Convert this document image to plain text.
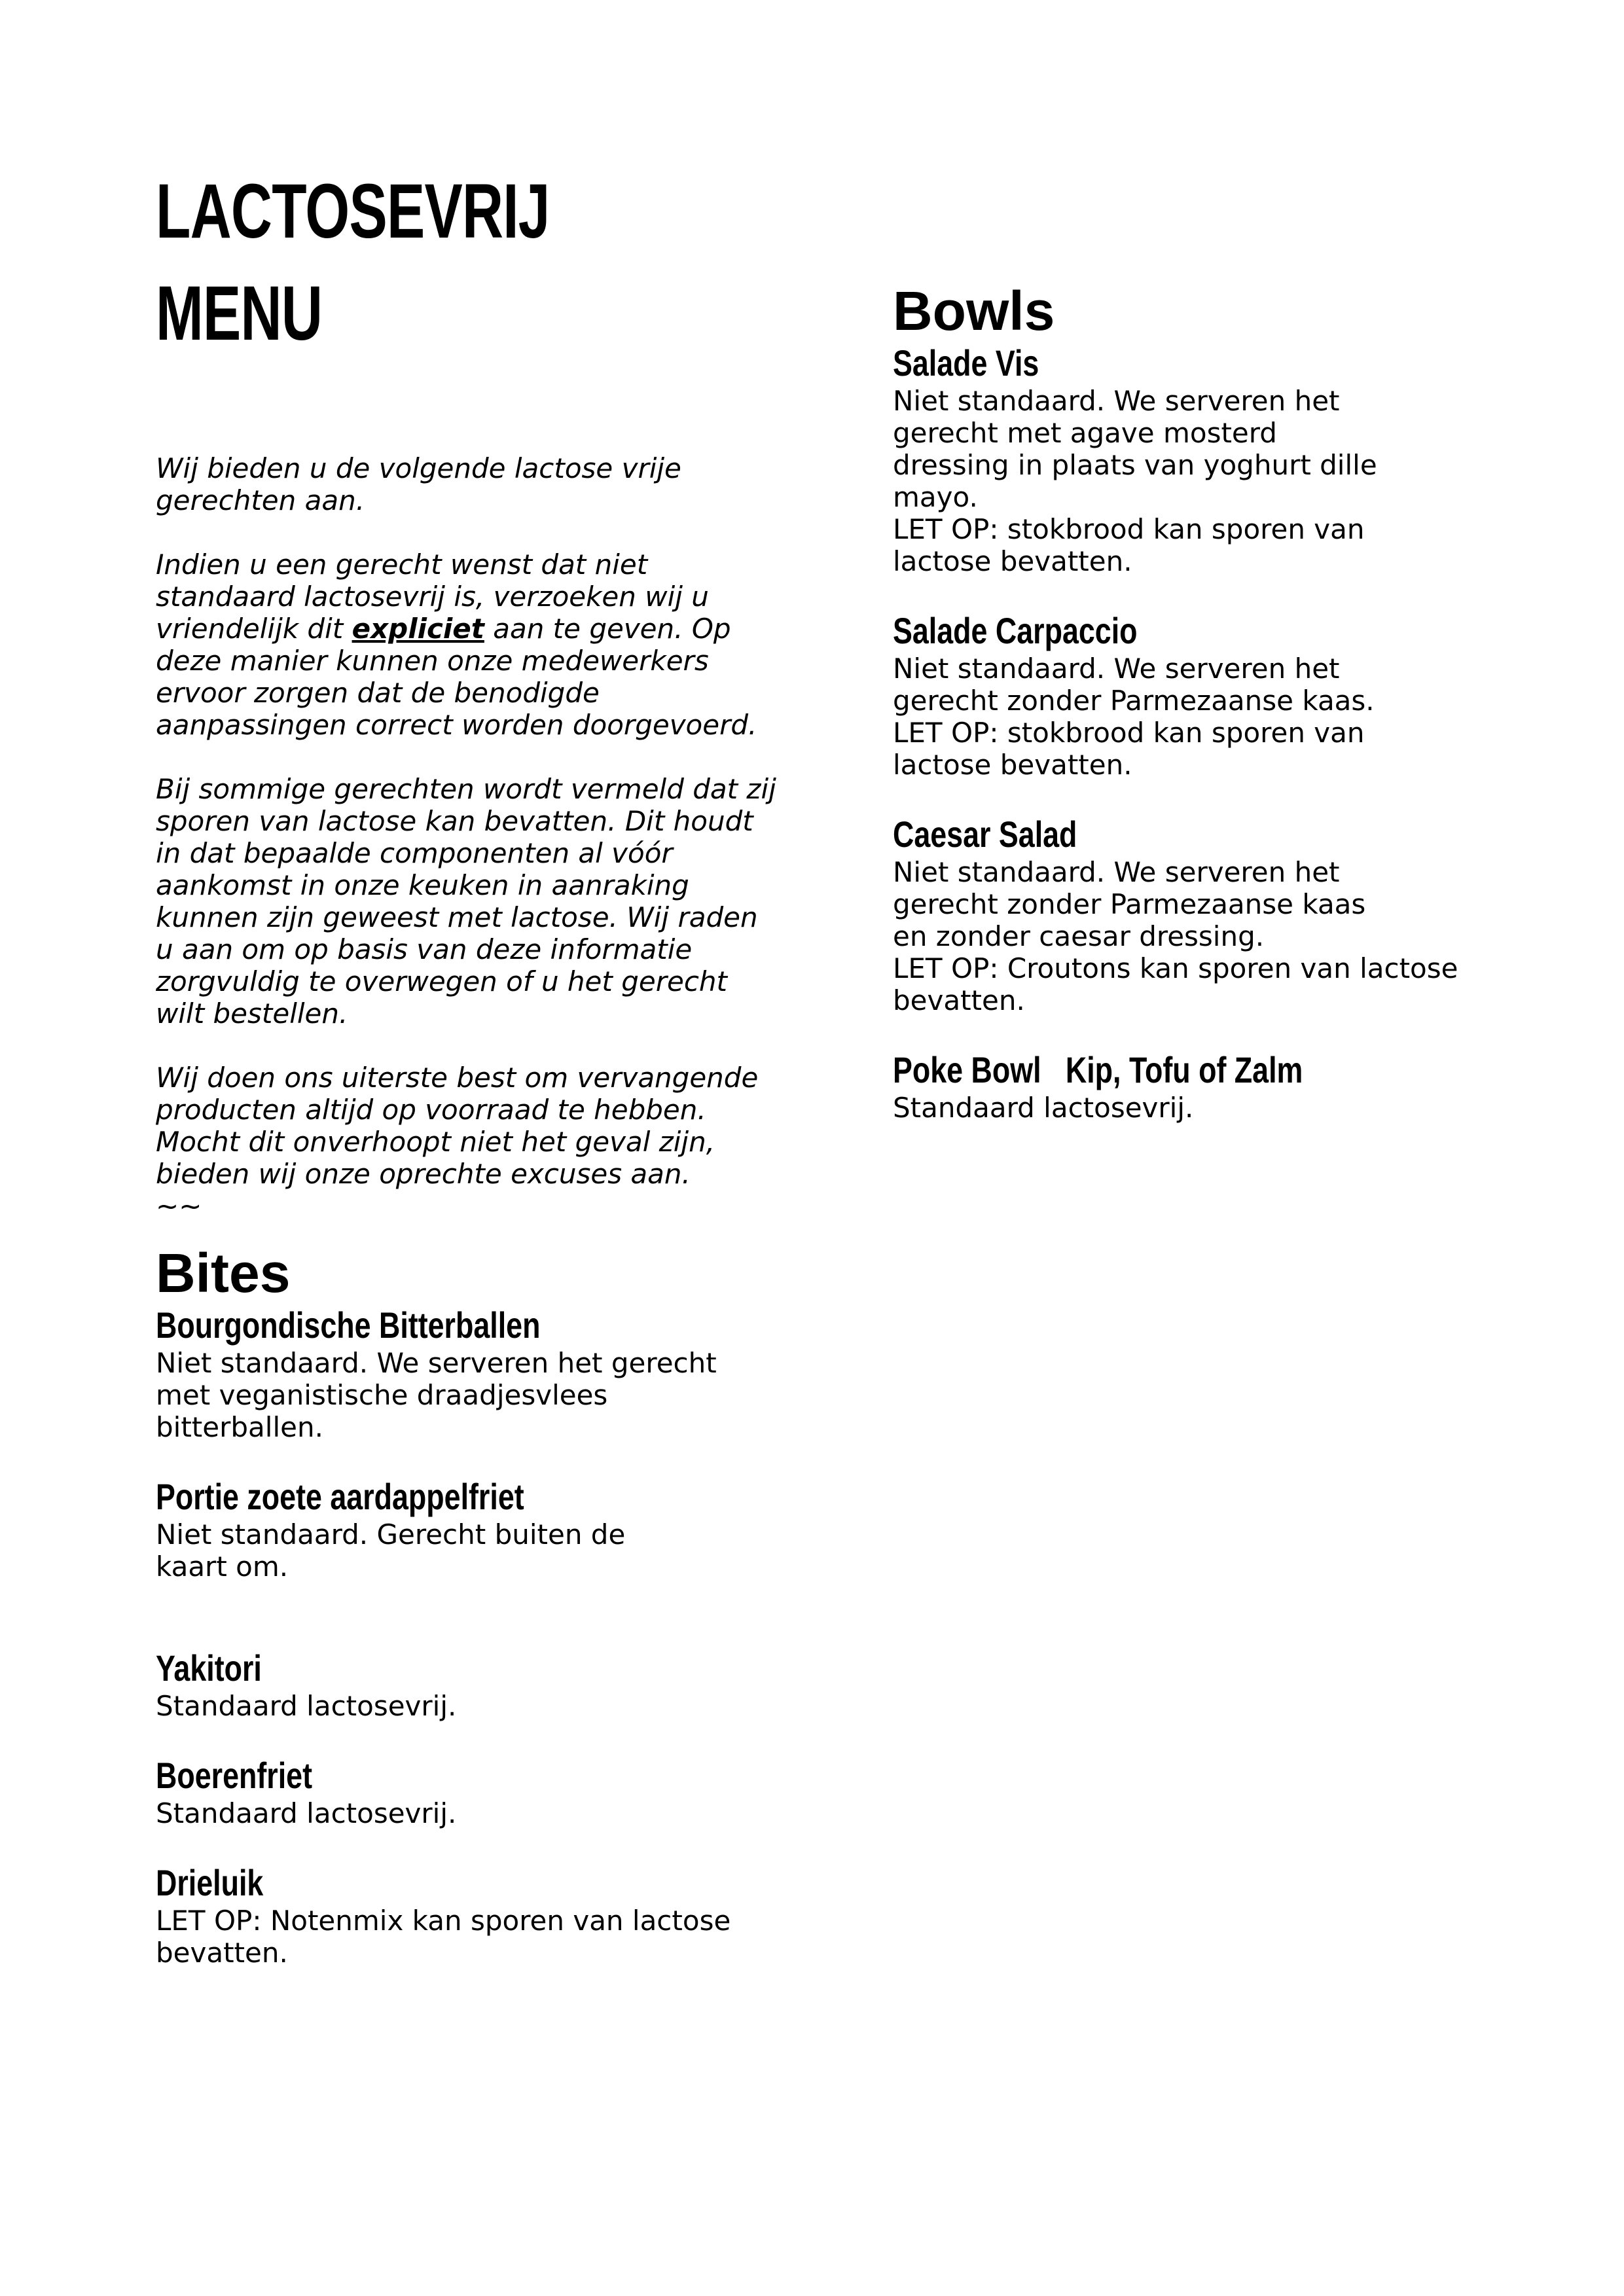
LACTOSEVRIJ
MENU

Wij bieden u de volgende lactose vrije
gerechten aan.

Indien u een gerecht wenst dat niet
standaard lactosevrij is, verzoeken wij u
vriendelijk dit expliciet aan te geven. Op
deze manier kunnen onze medewerkers
ervoor zorgen dat de benodigde
aanpassingen correct worden doorgevoerd.

Bij sommige gerechten wordt vermeld dat zij
sporen van lactose kan bevatten. Dit houdt
in dat bepaalde componenten al vóór
aankomst in onze keuken in aanraking
kunnen zijn geweest met lactose. Wij raden
u aan om op basis van deze informatie
zorgvuldig te overwegen of u het gerecht
wilt bestellen.

Wij doen ons uiterste best om vervangende
producten altijd op voorraad te hebben.
Mocht dit onverhoopt niet het geval zijn,
bieden wij onze oprechte excuses aan.

~~
Bowls
Salade Vis
Niet standaard. We serveren het
gerecht met agave mosterd
dressing in plaats van yoghurt dille
mayo.
LET OP: stokbrood kan sporen van
lactose bevatten.
Salade Carpaccio
Niet standaard. We serveren het
gerecht zonder Parmezaanse kaas.
LET OP: stokbrood kan sporen van
lactose bevatten.
Caesar Salad
Niet standaard. We serveren het
gerecht zonder Parmezaanse kaas
en zonder caesar dressing.
LET OP: Croutons kan sporen van lactose
bevatten.
Poke Bowl   Kip, Tofu of Zalm
Standaard lactosevrij.
Bites
Bourgondische Bitterballen
Niet standaard. We serveren het gerecht
met veganistische draadjesvlees
bitterballen.
Portie zoete aardappelfriet
Niet standaard. Gerecht buiten de
kaart om.
Yakitori
Standaard lactosevrij.
Boerenfriet
Standaard lactosevrij.
Drieluik
LET OP: Notenmix kan sporen van lactose
bevatten.
